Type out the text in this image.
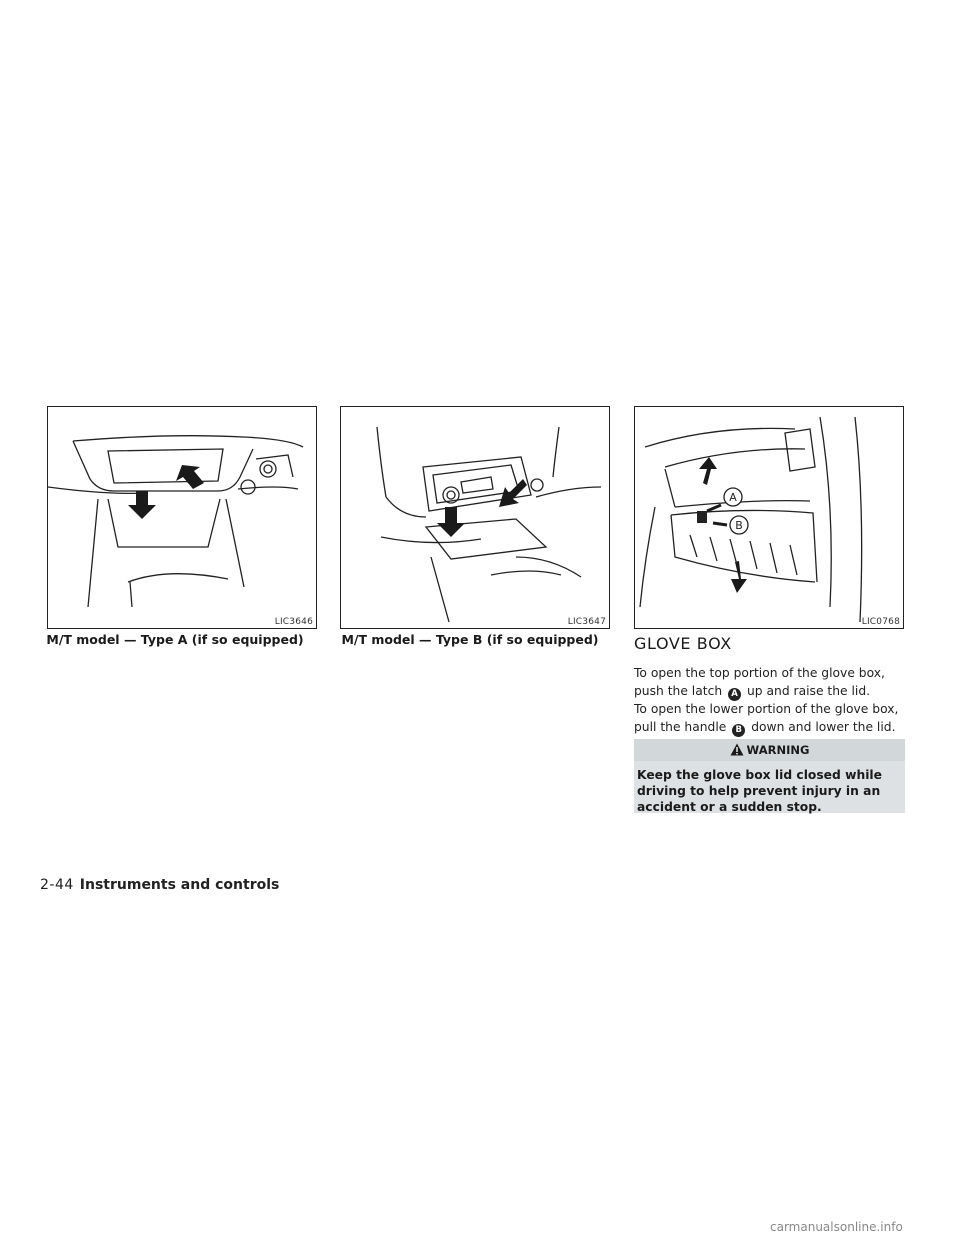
LIC3646
M/T model — Type A (if so equipped)
LIC3647
M/T model — Type B (if so equipped)
A
B
LIC0768
GLOVE BOX
To open the top portion of the glove box, push the latch A up and raise the lid.
To open the lower portion of the glove box, pull the handle B down and lower the lid.
WARNING
Keep the glove box lid closed while driving to help prevent injury in an accident or a sudden stop.
2-44 Instruments and controls
carmanualsonline.info
